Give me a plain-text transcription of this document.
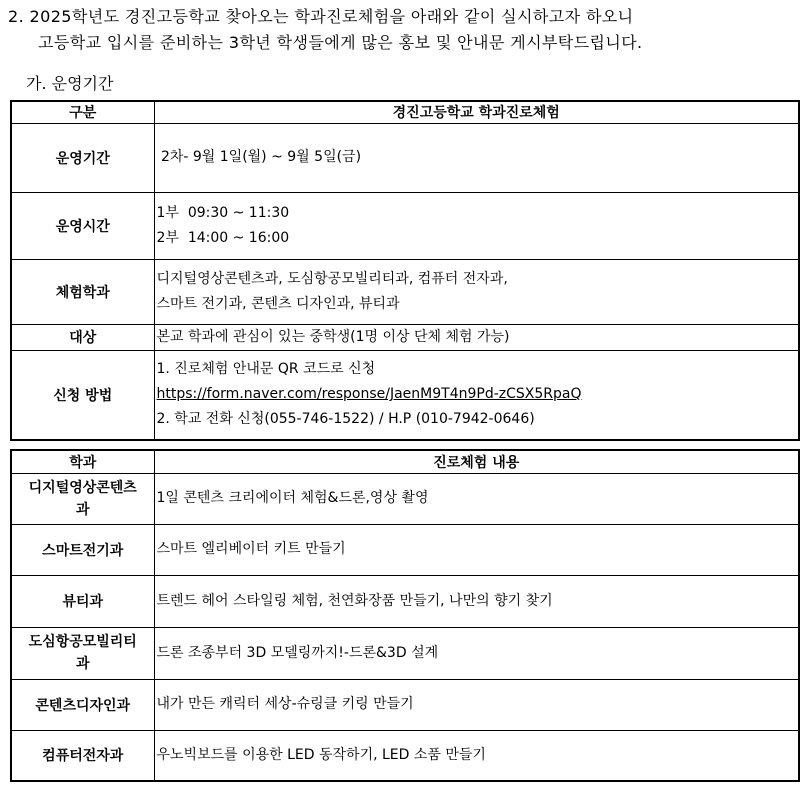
2. 2025학년도 경진고등학교 찾아오는 학과진로체험을 아래와 같이 실시하고자 하오니
고등학교 입시를 준비하는 3학년 학생들에게 많은 홍보 및 안내문 게시부탁드립니다.
가. 운영기간
구분	경진고등학교 학과진로체험
운영기간	2차- 9월 1일(월) ~ 9월 5일(금)

운영시간	1부  09:30 ~ 11:30
2부  14:00 ~ 16:00

체험학과	디지털영상콘텐츠과, 도심항공모빌리티과, 컴퓨터 전자과,
스마트 전기과, 콘텐츠 디자인과, 뷰티과

대상	본교 학과에 관심이 있는 중학생(1명 이상 단체 체험 가능)

신청 방법	1. 진로체험 안내문 QR 코드로 신청
https://form.naver.com/response/JaenM9T4n9Pd-zCSX5RpaQ
2. 학교 전화 신청(055-746-1522) / H.P (010-7942-0646)
학과	진로체험 내용

디지털영상콘텐츠
과	1일 콘텐츠 크리에이터 체험&드론,영상 촬영
스마트전기과	스마트 엘리베이터 키트 만들기
뷰티과	트렌드 헤어 스타일링 체험, 천연화장품 만들기, 나만의 향기 찾기

도심항공모빌리티
과	드론 조종부터 3D 모델링까지!-드론&3D 설계
콘텐츠디자인과	내가 만든 캐릭터 세상-슈링클 키링 만들기
컴퓨터전자과	우노빅보드를 이용한 LED 동작하기, LED 소품 만들기
